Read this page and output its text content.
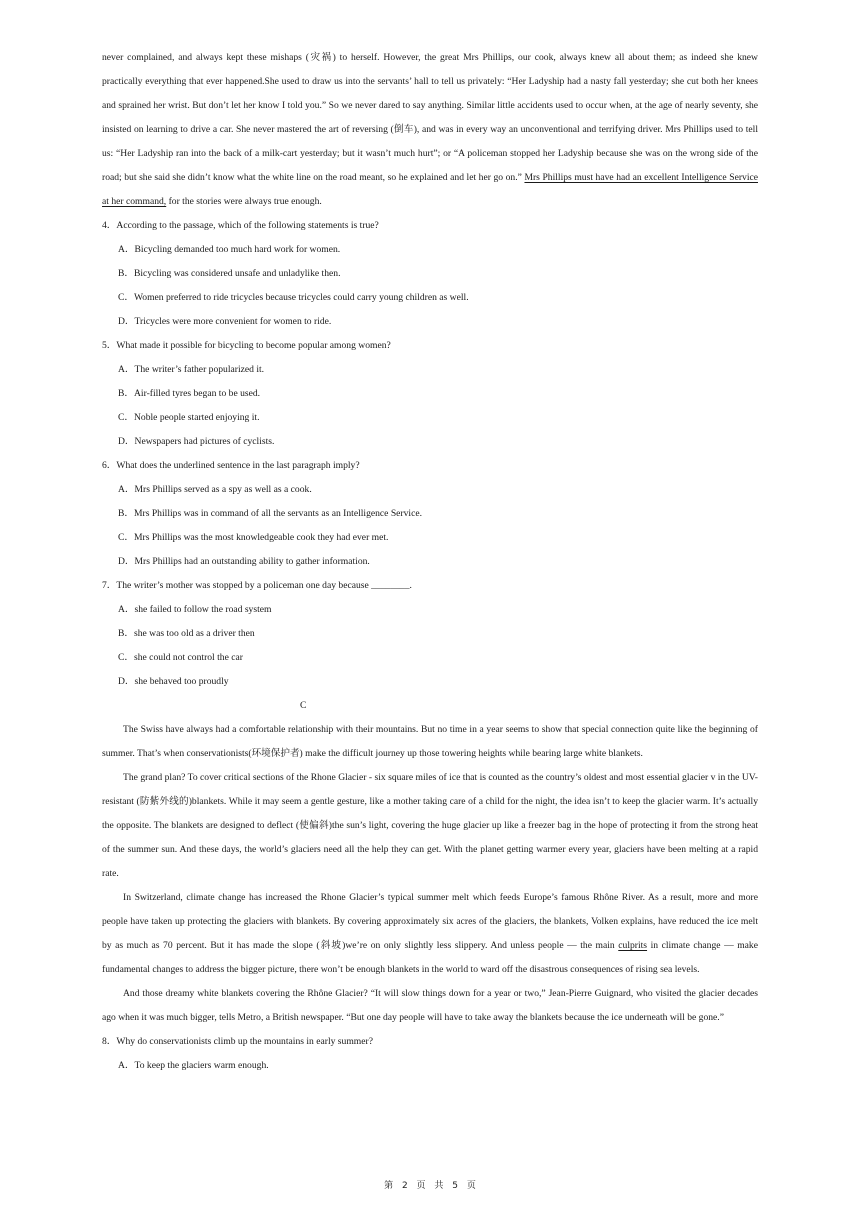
never complained, and always kept these mishaps (灾祸) to herself. However, the great Mrs Phillips, our cook, always knew all about them; as indeed she knew practically everything that ever happened.She used to draw us into the servants’ hall to tell us privately: “Her Ladyship had a nasty fall yesterday; she cut both her knees and sprained her wrist. But don’t let her know I told you.” So we never dared to say anything. Similar little accidents used to occur when, at the age of nearly seventy, she insisted on learning to drive a car. She never mastered the art of reversing (倒车), and was in every way an unconventional and terrifying driver. Mrs Phillips used to tell us: “Her Ladyship ran into the back of a milk-cart yesterday; but it wasn’t much hurt”; or “A policeman stopped her Ladyship because she was on the wrong side of the road; but she said she didn’t know what the white line on the road meant, so he explained and let her go on.” Mrs Phillips must have had an excellent Intelligence Service at her command, for the stories were always true enough.

4．According to the passage, which of the following statements is true?

A．Bicycling demanded too much hard work for women.

B．Bicycling was considered unsafe and unladylike then.

C．Women preferred to ride tricycles because tricycles could carry young children as well.

D．Tricycles were more convenient for women to ride.

5．What made it possible for bicycling to become popular among women?

A．The writer’s father popularized it.

B．Air-filled tyres began to be used.

C．Noble people started enjoying it.

D．Newspapers had pictures of cyclists.

6．What does the underlined sentence in the last paragraph imply?

A．Mrs Phillips served as a spy as well as a cook.

B．Mrs Phillips was in command of all the servants as an Intelligence Service.

C．Mrs Phillips was the most knowledgeable cook they had ever met.

D．Mrs Phillips had an outstanding ability to gather information.

7．The writer’s mother was stopped by a policeman one day because ________.

A．she failed to follow the road system

B．she was too old as a driver then

C．she could not control the car

D．she behaved too proudly

C

The Swiss have always had a comfortable relationship with their mountains. But no time in a year seems to show that special connection quite like the beginning of summer. That’s when conservationists(环境保护者) make the difficult journey up those towering heights while bearing large white blankets.

The grand plan? To cover critical sections of the Rhone Glacier - six square miles of ice that is counted as the country’s oldest and most essential glacier v in the UV-resistant (防紫外线的)blankets. While it may seem a gentle gesture, like a mother taking care of a child for the night, the idea isn’t to keep the glacier warm. It’s actually the opposite. The blankets are designed to deflect (使偏斜)the sun’s light, covering the huge glacier up like a freezer bag in the hope of protecting it from the strong heat of the summer sun. And these days, the world’s glaciers need all the help they can get. With the planet getting warmer every year, glaciers have been melting at a rapid rate.

In Switzerland, climate change has increased the Rhone Glacier’s typical summer melt which feeds Europe’s famous Rhône River. As a result, more and more people have taken up protecting the glaciers with blankets. By covering approximately six acres of the glaciers, the blankets, Volken explains, have reduced the ice melt by as much as 70 percent. But it has made the slope (斜坡)we’re on only slightly less slippery. And unless people — the main culprits in climate change — make fundamental changes to address the bigger picture, there won’t be enough blankets in the world to ward off the disastrous consequences of rising sea levels.

And those dreamy white blankets covering the Rhône Glacier? “It will slow things down for a year or two,” Jean-Pierre Guignard, who visited the glacier decades ago when it was much bigger, tells Metro, a British newspaper. “But one day people will have to take away the blankets because the ice underneath will be gone.”

8．Why do conservationists climb up the mountains in early summer?

A．To keep the glaciers warm enough.

第 2 页 共 5 页
